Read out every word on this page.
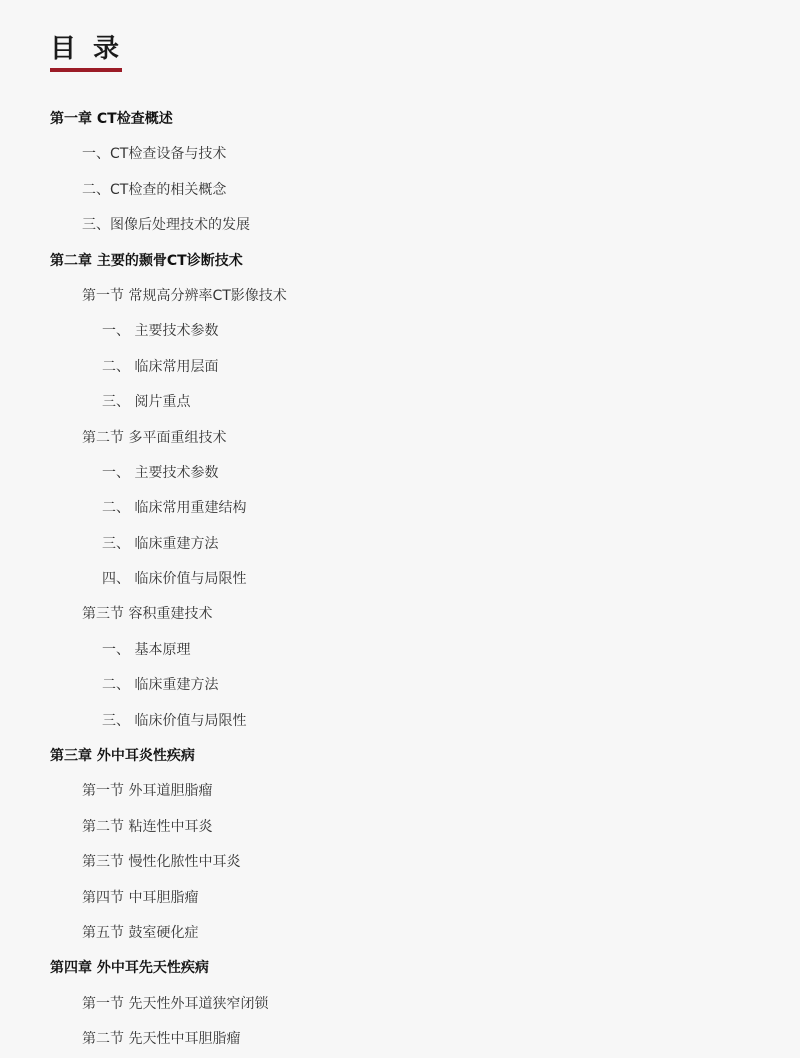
目 录
第一章 CT检查概述
一、CT检查设备与技术
二、CT检查的相关概念
三、图像后处理技术的发展
第二章 主要的颞骨CT诊断技术
第一节 常规高分辨率CT影像技术
一、 主要技术参数
二、 临床常用层面
三、 阅片重点
第二节 多平面重组技术
一、 主要技术参数
二、 临床常用重建结构
三、 临床重建方法
四、 临床价值与局限性
第三节 容积重建技术
一、 基本原理
二、 临床重建方法
三、 临床价值与局限性
第三章 外中耳炎性疾病
第一节 外耳道胆脂瘤
第二节 粘连性中耳炎
第三节 慢性化脓性中耳炎
第四节 中耳胆脂瘤
第五节 鼓室硬化症
第四章 外中耳先天性疾病
第一节 先天性外耳道狭窄闭锁
第二节 先天性中耳胆脂瘤
